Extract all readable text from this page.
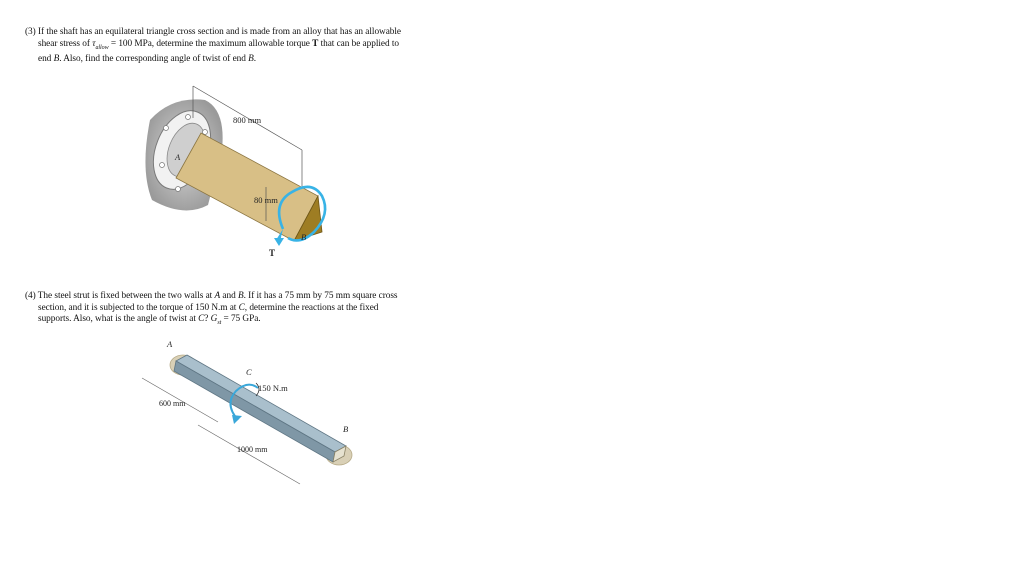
(3) If the shaft has an equilateral triangle cross section and is made from an alloy that has an allowable
shear stress of $\tau_{allow} = 100$ MPa, determine the maximum allowable torque T that can be applied to
end B. Also, find the corresponding angle of twist of end B.
80 mm
800 mm
A
B
T
(4) The steel strut is fixed between the two walls at A and B. If it has a 75 mm by 75 mm square cross
section, and it is subjected to the torque of 150 N.m at C, determine the reactions at the fixed
supports. Also, what is the angle of twist at C? $G_{st} = 75$ GPa.
600 mm
1000 mm
150 N.m
A
C
B
